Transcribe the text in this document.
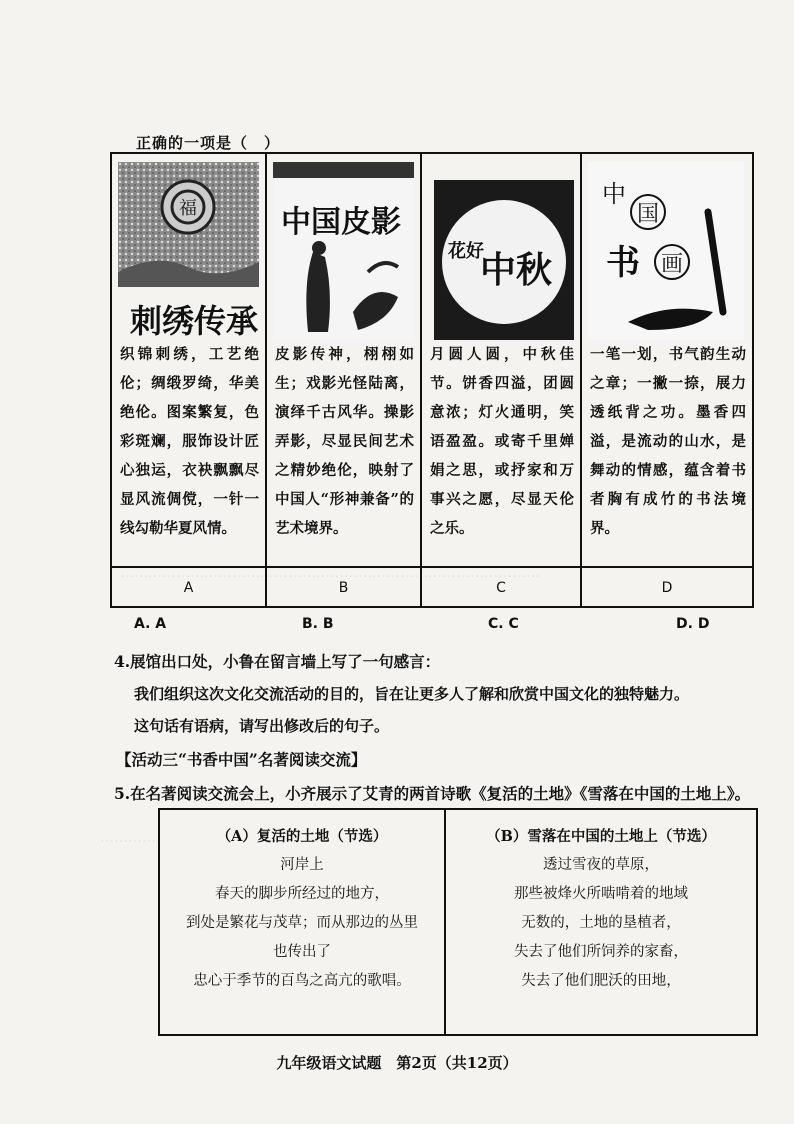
………………………………………………………………………………
…………
正确的一项是（　）
福
刺绣传承
织锦刺绣，工艺绝伦；绸缎罗绮，华美绝伦。图案繁复，色彩斑斓，服饰设计匠心独运，衣袂飘飘尽显风流倜傥，一针一线勾勒华夏风情。
A
中国皮影
皮影传神，栩栩如生；戏影光怪陆离，演绎千古风华。操影弄影，尽显民间艺术之精妙绝伦，映射了中国人“形神兼备”的艺术境界。
B
中秋
花好
月圆人圆，中秋佳节。饼香四溢，团圆意浓；灯火通明，笑语盈盈。或寄千里婵娟之思，或抒家和万事兴之愿，尽显天伦之乐。
C
中
国
书 画
一笔一划，书气韵生动之章；一撇一捺，展力透纸背之功。墨香四溢，是流动的山水，是舞动的情感，蕴含着书者胸有成竹的书法境界。
D
A. A	B. B	C. C	D. D
4.展馆出口处，小鲁在留言墙上写了一句感言：
我们组织这次文化交流活动的目的，旨在让更多人了解和欣赏中国文化的独特魅力。
这句话有语病，请写出修改后的句子。
【活动三“书香中国”名著阅读交流】
5.在名著阅读交流会上，小齐展示了艾青的两首诗歌《复活的土地》《雪落在中国的土地上》。
（A）复活的土地（节选）
河岸上
春天的脚步所经过的地方，
到处是繁花与茂草；而从那边的丛里
也传出了
忠心于季节的百鸟之高亢的歌唱。
（B）雪落在中国的土地上（节选）
透过雪夜的草原，
那些被烽火所啮啃着的地域
无数的，土地的垦植者，
失去了他们所饲养的家畜，
失去了他们肥沃的田地，
九年级语文试题　第2页（共12页）
